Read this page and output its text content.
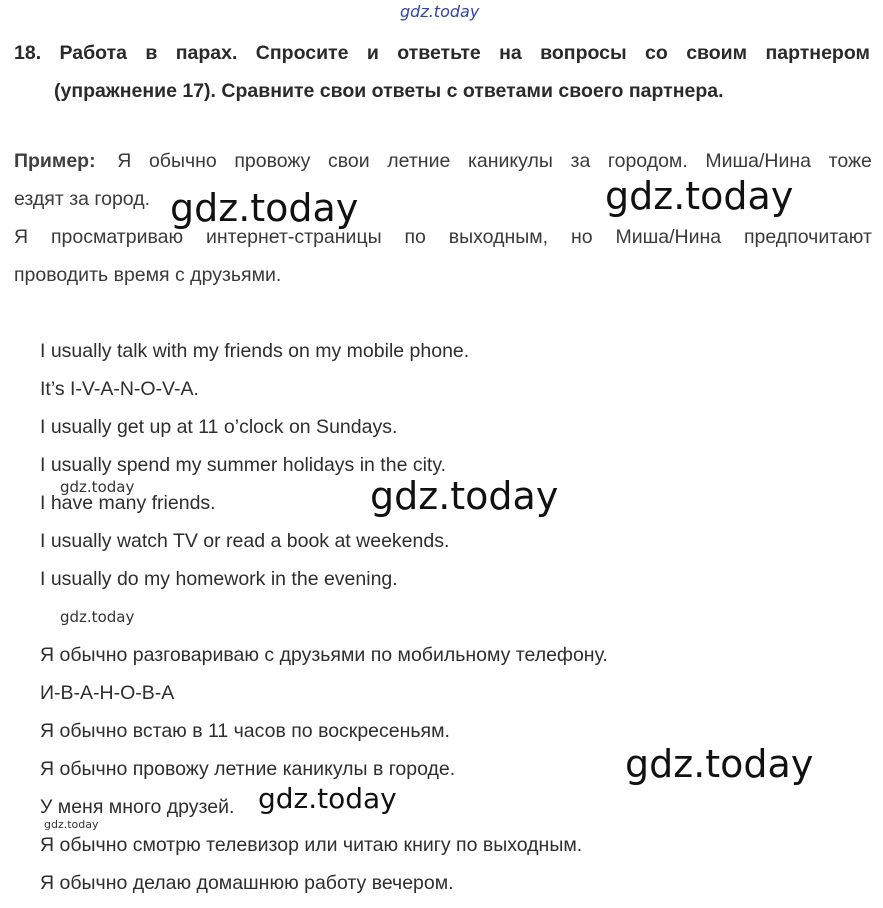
gdz.today
18. Работа в парах. Спросите и ответьте на вопросы со своим партнером
(упражнение 17). Сравните свои ответы с ответами своего партнера.
Пример: Я обычно провожу свои летние каникулы за городом. Миша/Нина тоже
ездят за город.
Я просматриваю интернет-страницы по выходным, но Миша/Нина предпочитают
проводить время с друзьями.
I usually talk with my friends on my mobile phone.
It’s I-V-A-N-O-V-A.
I usually get up at 11 o’clock on Sundays.
I usually spend my summer holidays in the city.
I have many friends.
I usually watch TV or read a book at weekends.
I usually do my homework in the evening.
Я обычно разговариваю с друзьями по мобильному телефону.
И-В-А-Н-О-В-А
Я обычно встаю в 11 часов по воскресеньям.
Я обычно провожу летние каникулы в городе.
У меня много друзей.
Я обычно смотрю телевизор или читаю книгу по выходным.
Я обычно делаю домашнюю работу вечером.
gdz.today	gdz.today
gdz.today
gdz.today
gdz.today
gdz.today
gdz.today
gdz.today
